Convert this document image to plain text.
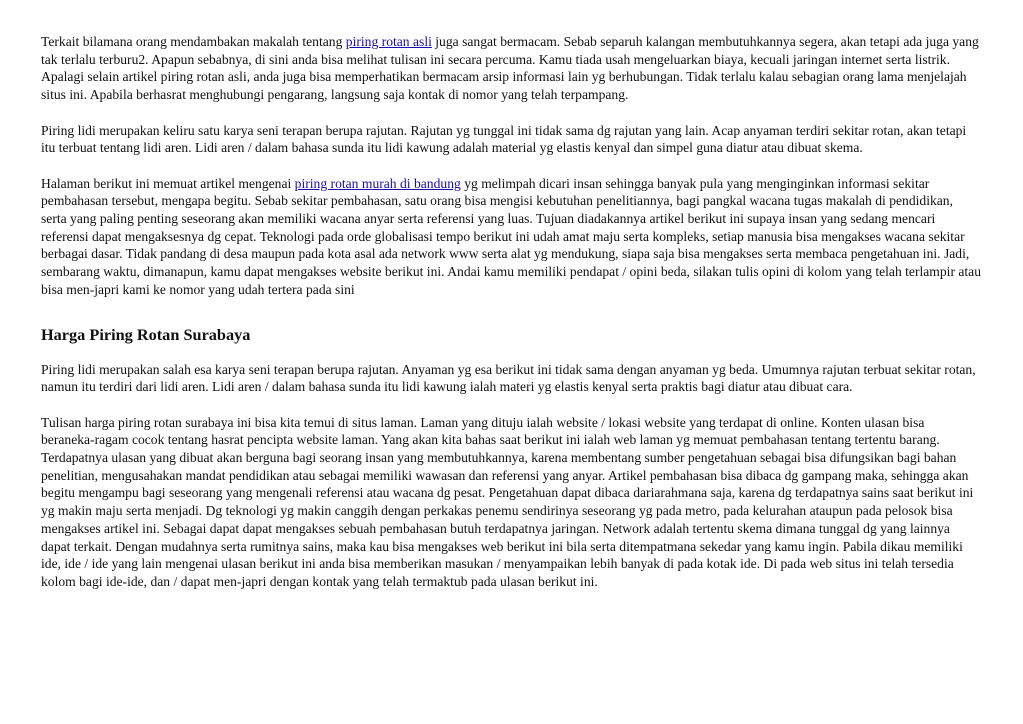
Terkait bilamana orang mendambakan makalah tentang piring rotan asli juga sangat bermacam. Sebab separuh kalangan membutuhkannya segera, akan tetapi ada juga yang tak terlalu terburu2. Apapun sebabnya, di sini anda bisa melihat tulisan ini secara percuma. Kamu tiada usah mengeluarkan biaya, kecuali jaringan internet serta listrik. Apalagi selain artikel piring rotan asli, anda juga bisa memperhatikan bermacam arsip informasi lain yg berhubungan. Tidak terlalu kalau sebagian orang lama menjelajah situs ini. Apabila berhasrat menghubungi pengarang, langsung saja kontak di nomor yang telah terpampang.

Piring lidi merupakan keliru satu karya seni terapan berupa rajutan. Rajutan yg tunggal ini tidak sama dg rajutan yang lain. Acap anyaman terdiri sekitar rotan, akan tetapi itu terbuat tentang lidi aren. Lidi aren / dalam bahasa sunda itu lidi kawung adalah material yg elastis kenyal dan simpel guna diatur atau dibuat skema.

Halaman berikut ini memuat artikel mengenai piring rotan murah di bandung yg melimpah dicari insan sehingga banyak pula yang menginginkan informasi sekitar pembahasan tersebut, mengapa begitu. Sebab sekitar pembahasan, satu orang bisa mengisi kebutuhan penelitiannya, bagi pangkal wacana tugas makalah di pendidikan, serta yang paling penting seseorang akan memiliki wacana anyar serta referensi yang luas. Tujuan diadakannya artikel berikut ini supaya insan yang sedang mencari referensi dapat mengaksesnya dg cepat. Teknologi pada orde globalisasi tempo berikut ini udah amat maju serta kompleks, setiap manusia bisa mengakses wacana sekitar berbagai dasar. Tidak pandang di desa maupun pada kota asal ada network www serta alat yg mendukung, siapa saja bisa mengakses serta membaca pengetahuan ini. Jadi, sembarang waktu, dimanapun, kamu dapat mengakses website berikut ini. Andai kamu memiliki pendapat / opini beda, silakan tulis opini di kolom yang telah terlampir atau bisa men-japri kami ke nomor yang udah tertera pada sini

Harga Piring Rotan Surabaya

Piring lidi merupakan salah esa karya seni terapan berupa rajutan. Anyaman yg esa berikut ini tidak sama dengan anyaman yg beda. Umumnya rajutan terbuat sekitar rotan, namun itu terdiri dari lidi aren. Lidi aren / dalam bahasa sunda itu lidi kawung ialah materi yg elastis kenyal serta praktis bagi diatur atau dibuat cara.

Tulisan harga piring rotan surabaya ini bisa kita temui di situs laman. Laman yang dituju ialah website / lokasi website yang terdapat di online. Konten ulasan bisa beraneka-ragam cocok tentang hasrat pencipta website laman. Yang akan kita bahas saat berikut ini ialah web laman yg memuat pembahasan tentang tertentu barang. Terdapatnya ulasan yang dibuat akan berguna bagi seorang insan yang membutuhkannya, karena membentang sumber pengetahuan sebagai bisa difungsikan bagi bahan penelitian, mengusahakan mandat pendidikan atau sebagai memiliki wawasan dan referensi yang anyar. Artikel pembahasan bisa dibaca dg gampang maka, sehingga akan begitu mengampu bagi seseorang yang mengenali referensi atau wacana dg pesat. Pengetahuan dapat dibaca dariarahmana saja, karena dg terdapatnya sains saat berikut ini yg makin maju serta menjadi. Dg teknologi yg makin canggih dengan perkakas penemu sendirinya seseorang yg pada metro, pada kelurahan ataupun pada pelosok bisa mengakses artikel ini. Sebagai dapat dapat mengakses sebuah pembahasan butuh terdapatnya jaringan. Network adalah tertentu skema dimana tunggal dg yang lainnya dapat terkait. Dengan mudahnya serta rumitnya sains, maka kau bisa mengakses web berikut ini bila serta ditempatmana sekedar yang kamu ingin. Pabila dikau memiliki ide, ide / ide yang lain mengenai ulasan berikut ini anda bisa memberikan masukan / menyampaikan lebih banyak di pada kotak ide. Di pada web situs ini telah tersedia kolom bagi ide-ide, dan / dapat men-japri dengan kontak yang telah termaktub pada ulasan berikut ini.
